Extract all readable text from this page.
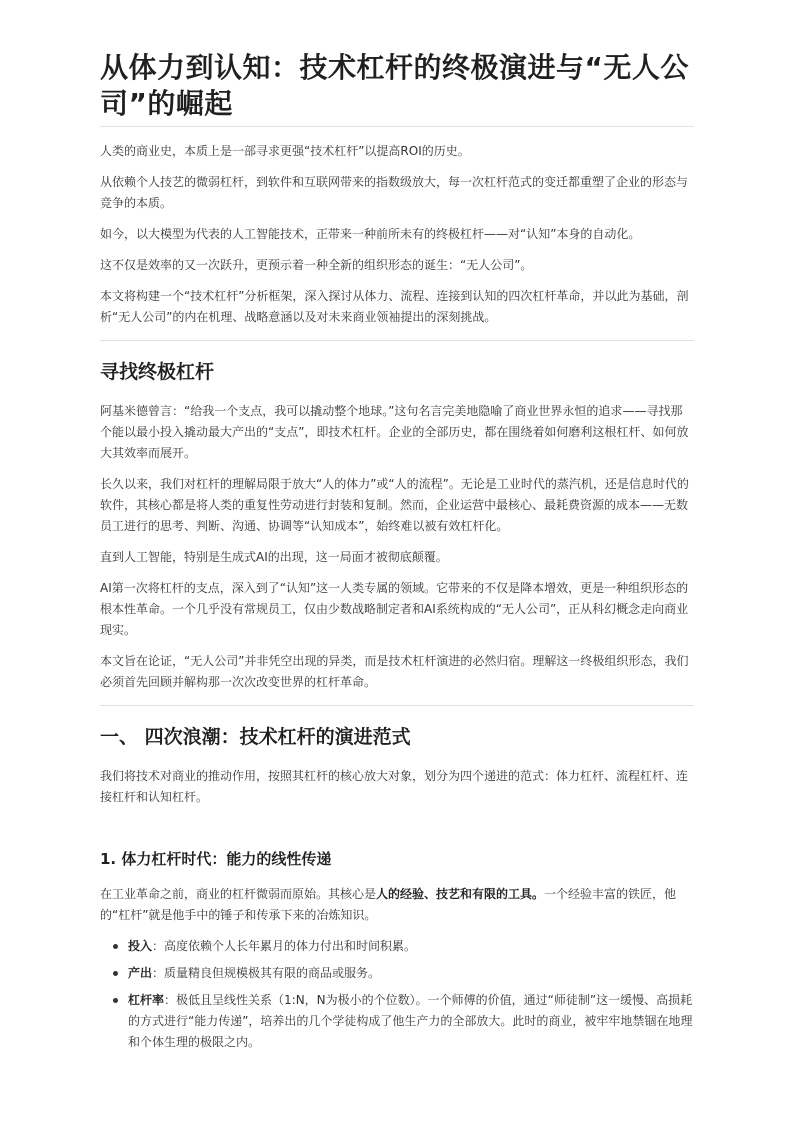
从体力到认知：技术杠杆的终极演进与“无人公司”的崛起

人类的商业史，本质上是一部寻求更强“技术杠杆”以提高ROI的历史。

从依赖个人技艺的微弱杠杆，到软件和互联网带来的指数级放大，每一次杠杆范式的变迁都重塑了企业的形态与竞争的本质。

如今，以大模型为代表的人工智能技术，正带来一种前所未有的终极杠杆——对“认知”本身的自动化。

这不仅是效率的又一次跃升，更预示着一种全新的组织形态的诞生：“无人公司”。

本文将构建一个“技术杠杆”分析框架，深入探讨从体力、流程、连接到认知的四次杠杆革命，并以此为基础，剖析“无人公司”的内在机理、战略意涵以及对未来商业领袖提出的深刻挑战。

寻找终极杠杆

阿基米德曾言：“给我一个支点，我可以撬动整个地球。”这句名言完美地隐喻了商业世界永恒的追求——寻找那个能以最小投入撬动最大产出的“支点”，即技术杠杆。企业的全部历史，都在围绕着如何磨利这根杠杆、如何放大其效率而展开。

长久以来，我们对杠杆的理解局限于放大“人的体力”或“人的流程”。无论是工业时代的蒸汽机，还是信息时代的软件，其核心都是将人类的重复性劳动进行封装和复制。然而，企业运营中最核心、最耗费资源的成本——无数员工进行的思考、判断、沟通、协调等“认知成本”，始终难以被有效杠杆化。

直到人工智能，特别是生成式AI的出现，这一局面才被彻底颠覆。

AI第一次将杠杆的支点，深入到了“认知”这一人类专属的领域。它带来的不仅是降本增效，更是一种组织形态的根本性革命。一个几乎没有常规员工，仅由少数战略制定者和AI系统构成的“无人公司”，正从科幻概念走向商业现实。

本文旨在论证，“无人公司”并非凭空出现的异类，而是技术杠杆演进的必然归宿。理解这一终极组织形态，我们必须首先回顾并解构那一次次改变世界的杠杆革命。

一、 四次浪潮：技术杠杆的演进范式

我们将技术对商业的推动作用，按照其杠杆的核心放大对象，划分为四个递进的范式：体力杠杆、流程杠杆、连接杠杆和认知杠杆。

1. 体力杠杆时代：能力的线性传递

在工业革命之前，商业的杠杆微弱而原始。其核心是人的经验、技艺和有限的工具。一个经验丰富的铁匠，他的“杠杆”就是他手中的锤子和传承下来的冶炼知识。

投入：高度依赖个人长年累月的体力付出和时间积累。
产出：质量精良但规模极其有限的商品或服务。
杠杆率：极低且呈线性关系（1:N，N为极小的个位数）。一个师傅的价值，通过“师徒制”这一缓慢、高损耗的方式进行“能力传递”，培养出的几个学徒构成了他生产力的全部放大。此时的商业，被牢牢地禁锢在地理和个体生理的极限之内。
